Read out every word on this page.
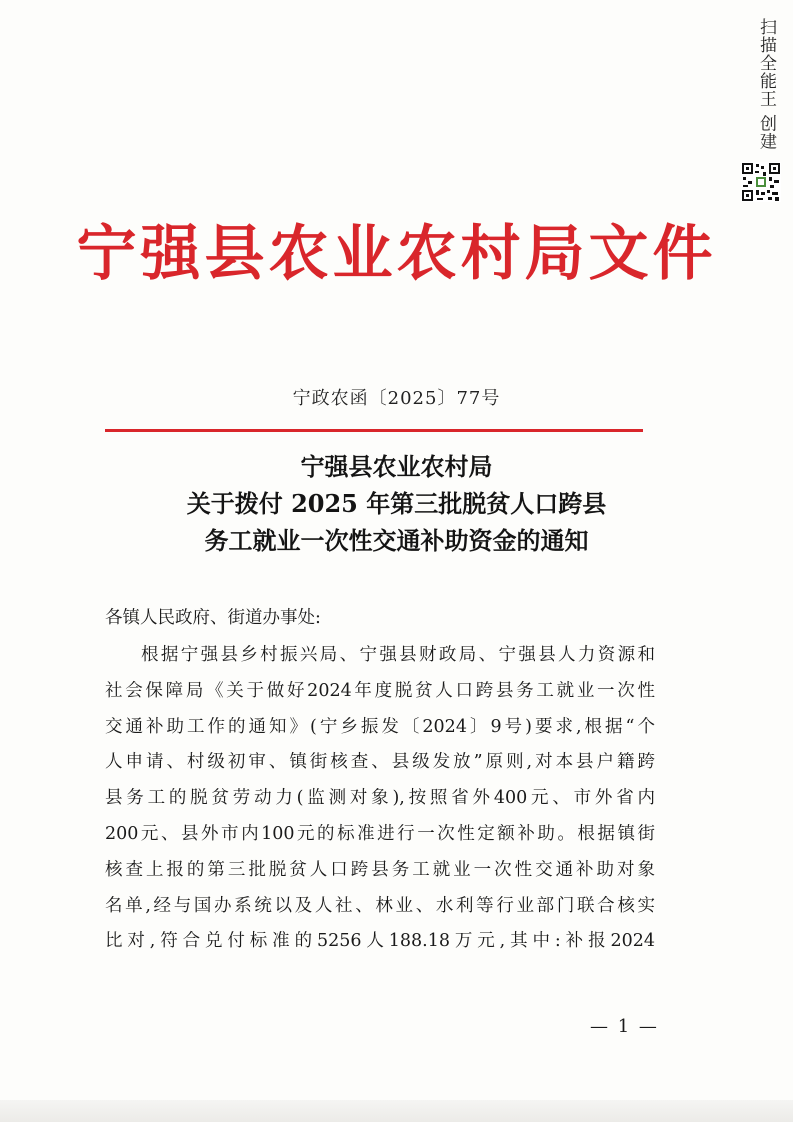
扫描全能王 创建
宁强县农业农村局文件
宁政农函〔2025〕77号
宁强县农业农村局
关于拨付 2025 年第三批脱贫人口跨县
务工就业一次性交通补助资金的通知
各镇人民政府、街道办事处:
根据宁强县乡村振兴局、宁强县财政局、宁强县人力资源和
社会保障局《关于做好2024年度脱贫人口跨县务工就业一次性
交通补助工作的通知》(宁乡振发〔2024〕9号)要求,根据“个
人申请、村级初审、镇街核查、县级发放”原则,对本县户籍跨
县务工的脱贫劳动力(监测对象),按照省外400元、市外省内
200元、县外市内100元的标准进行一次性定额补助。根据镇街
核查上报的第三批脱贫人口跨县务工就业一次性交通补助对象
名单,经与国办系统以及人社、林业、水利等行业部门联合核实
比对,符合兑付标准的5256人188.18万元,其中:补报2024
— 1 —
